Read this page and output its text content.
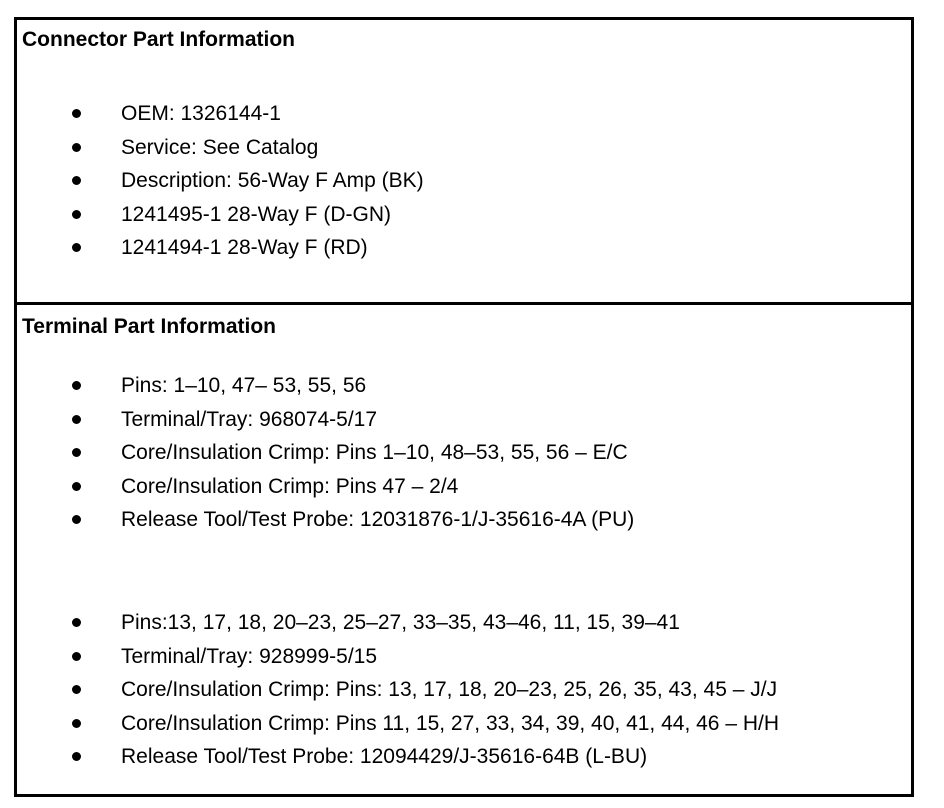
Connector Part Information
OEM: 1326144-1
Service: See Catalog
Description: 56-Way F Amp (BK)
1241495-1 28-Way F (D-GN)
1241494-1 28-Way F (RD)
Terminal Part Information
Pins: 1–10, 47– 53, 55, 56
Terminal/Tray: 968074-5/17
Core/Insulation Crimp: Pins 1–10, 48–53, 55, 56 – E/C
Core/Insulation Crimp: Pins 47 – 2/4
Release Tool/Test Probe: 12031876-1/J-35616-4A (PU)
Pins:13, 17, 18, 20–23, 25–27, 33–35, 43–46, 11, 15, 39–41
Terminal/Tray: 928999-5/15
Core/Insulation Crimp: Pins: 13, 17, 18, 20–23, 25, 26, 35, 43, 45 – J/J
Core/Insulation Crimp: Pins 11, 15, 27, 33, 34, 39, 40, 41, 44, 46 – H/H
Release Tool/Test Probe: 12094429/J-35616-64B (L-BU)
